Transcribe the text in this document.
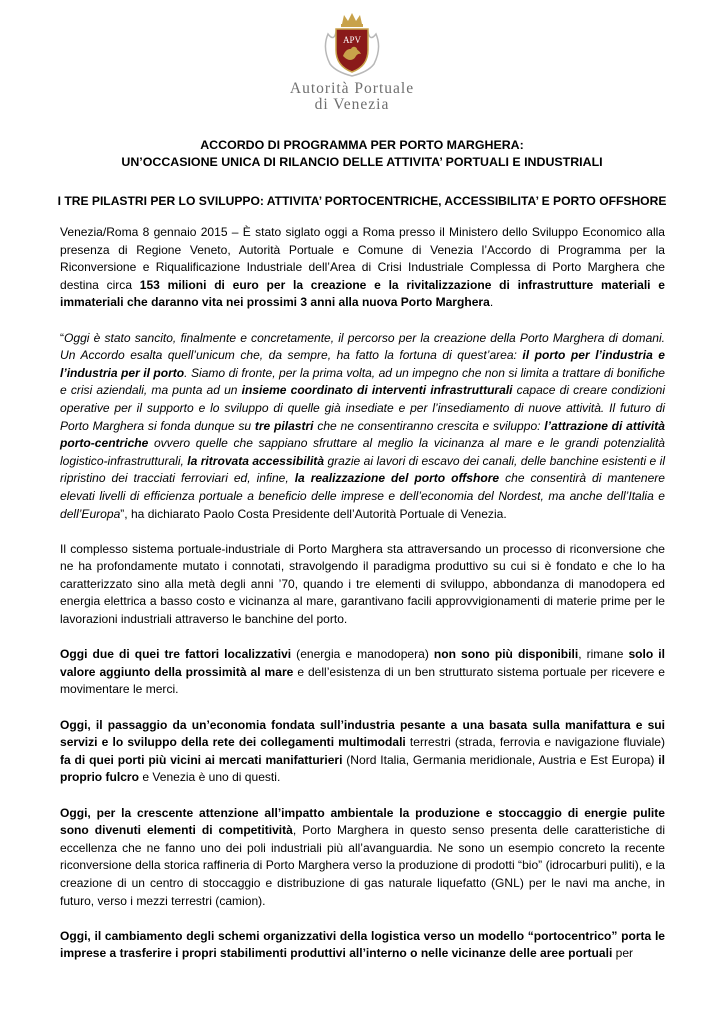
APV
Autorità Portuale
di Venezia
ACCORDO DI PROGRAMMA PER PORTO MARGHERA:
UN’OCCASIONE UNICA DI RILANCIO DELLE ATTIVITA’ PORTUALI E INDUSTRIALI
I TRE PILASTRI PER LO SVILUPPO: ATTIVITA’ PORTOCENTRICHE, ACCESSIBILITA’ E PORTO OFFSHORE

Venezia/Roma 8 gennaio 2015 – È stato siglato oggi a Roma presso il Ministero dello Sviluppo Economico alla presenza di Regione Veneto, Autorità Portuale e Comune di Venezia l’Accordo di Programma per la Riconversione e Riqualificazione Industriale dell’Area di Crisi Industriale Complessa di Porto Marghera che destina circa 153 milioni di euro per la creazione e la rivitalizzazione di infrastrutture materiali e immateriali che daranno vita nei prossimi 3 anni alla nuova Porto Marghera.

“Oggi è stato sancito, finalmente e concretamente, il percorso per la creazione della Porto Marghera di domani. Un Accordo esalta quell’unicum che, da sempre, ha fatto la fortuna di quest’area: il porto per l’industria e l’industria per il porto. Siamo di fronte, per la prima volta, ad un impegno che non si limita a trattare di bonifiche e crisi aziendali, ma punta ad un insieme coordinato di interventi infrastrutturali capace di creare condizioni operative per il supporto e lo sviluppo di quelle già insediate e per l’insediamento di nuove attività. Il futuro di Porto Marghera si fonda dunque su tre pilastri che ne consentiranno crescita e sviluppo: l’attrazione di attività porto-centriche ovvero quelle che sappiano sfruttare al meglio la vicinanza al mare e le grandi potenzialità logistico-infrastrutturali, la ritrovata accessibilità grazie ai lavori di escavo dei canali, delle banchine esistenti e il ripristino dei tracciati ferroviari ed, infine, la realizzazione del porto offshore che consentirà di mantenere elevati livelli di efficienza portuale a beneficio delle imprese e dell’economia del Nordest, ma anche dell’Italia e dell’Europa”, ha dichiarato Paolo Costa Presidente dell’Autorità Portuale di Venezia.

Il complesso sistema portuale-industriale di Porto Marghera sta attraversando un processo di riconversione che ne ha profondamente mutato i connotati, stravolgendo il paradigma produttivo su cui si è fondato e che lo ha caratterizzato sino alla metà degli anni ’70, quando i tre elementi di sviluppo, abbondanza di manodopera ed energia elettrica a basso costo e vicinanza al mare, garantivano facili approvvigionamenti di materie prime per le lavorazioni industriali attraverso le banchine del porto.

Oggi due di quei tre fattori localizzativi (energia e manodopera) non sono più disponibili, rimane solo il valore aggiunto della prossimità al mare e dell’esistenza di un ben strutturato sistema portuale per ricevere e movimentare le merci.

Oggi, il passaggio da un’economia fondata sull’industria pesante a una basata sulla manifattura e sui servizi e lo sviluppo della rete dei collegamenti multimodali terrestri (strada, ferrovia e navigazione fluviale) fa di quei porti più vicini ai mercati manifatturieri (Nord Italia, Germania meridionale, Austria e Est Europa) il proprio fulcro e Venezia è uno di questi.

Oggi, per la crescente attenzione all’impatto ambientale la produzione e stoccaggio di energie pulite sono divenuti elementi di competitività, Porto Marghera in questo senso presenta delle caratteristiche di eccellenza che ne fanno uno dei poli industriali più all’avanguardia. Ne sono un esempio concreto la recente riconversione della storica raffineria di Porto Marghera verso la produzione di prodotti “bio” (idrocarburi puliti), e la creazione di un centro di stoccaggio e distribuzione di gas naturale liquefatto (GNL) per le navi ma anche, in futuro, verso i mezzi terrestri (camion).

Oggi, il cambiamento degli schemi organizzativi della logistica verso un modello “portocentrico” porta le imprese a trasferire i propri stabilimenti produttivi all’interno o nelle vicinanze delle aree portuali per
